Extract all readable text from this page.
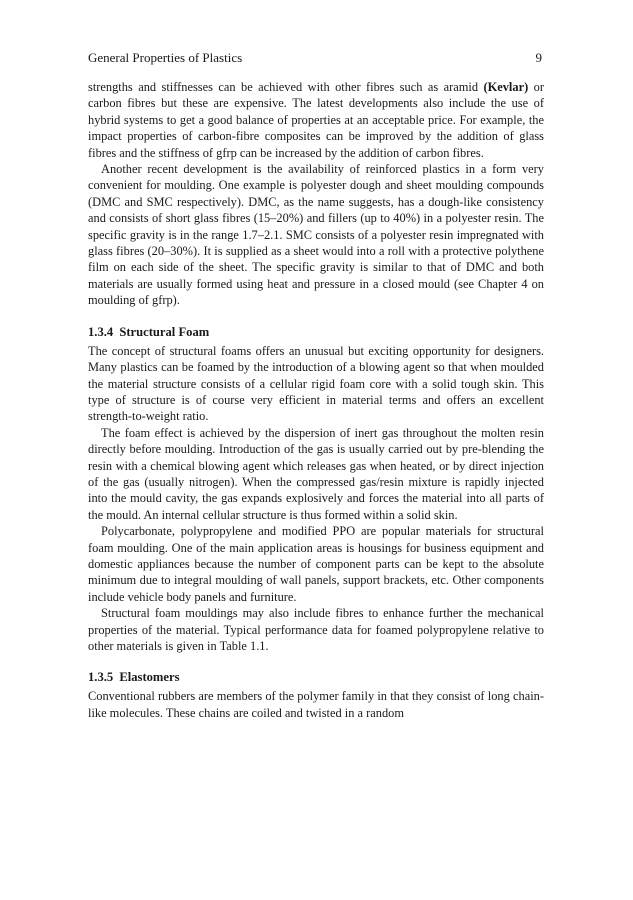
General Properties of Plastics	9

strengths and stiffnesses can be achieved with other fibres such as aramid (Kevlar) or carbon fibres but these are expensive. The latest developments also include the use of hybrid systems to get a good balance of properties at an acceptable price. For example, the impact properties of carbon-fibre composites can be improved by the addition of glass fibres and the stiffness of gfrp can be increased by the addition of carbon fibres.

Another recent development is the availability of reinforced plastics in a form very convenient for moulding. One example is polyester dough and sheet moulding compounds (DMC and SMC respectively). DMC, as the name suggests, has a dough-like consistency and consists of short glass fibres (15–20%) and fillers (up to 40%) in a polyester resin. The specific gravity is in the range 1.7–2.1. SMC consists of a polyester resin impregnated with glass fibres (20–30%). It is supplied as a sheet would into a roll with a protective polythene film on each side of the sheet. The specific gravity is similar to that of DMC and both materials are usually formed using heat and pressure in a closed mould (see Chapter 4 on moulding of gfrp).

1.3.4 Structural Foam

The concept of structural foams offers an unusual but exciting opportunity for designers. Many plastics can be foamed by the introduction of a blowing agent so that when moulded the material structure consists of a cellular rigid foam core with a solid tough skin. This type of structure is of course very efficient in material terms and offers an excellent strength-to-weight ratio.

The foam effect is achieved by the dispersion of inert gas throughout the molten resin directly before moulding. Introduction of the gas is usually carried out by pre-blending the resin with a chemical blowing agent which releases gas when heated, or by direct injection of the gas (usually nitrogen). When the compressed gas/resin mixture is rapidly injected into the mould cavity, the gas expands explosively and forces the material into all parts of the mould. An internal cellular structure is thus formed within a solid skin.

Polycarbonate, polypropylene and modified PPO are popular materials for structural foam moulding. One of the main application areas is housings for business equipment and domestic appliances because the number of component parts can be kept to the absolute minimum due to integral moulding of wall panels, support brackets, etc. Other components include vehicle body panels and furniture.

Structural foam mouldings may also include fibres to enhance further the mechanical properties of the material. Typical performance data for foamed polypropylene relative to other materials is given in Table 1.1.

1.3.5 Elastomers

Conventional rubbers are members of the polymer family in that they consist of long chain-like molecules. These chains are coiled and twisted in a random
